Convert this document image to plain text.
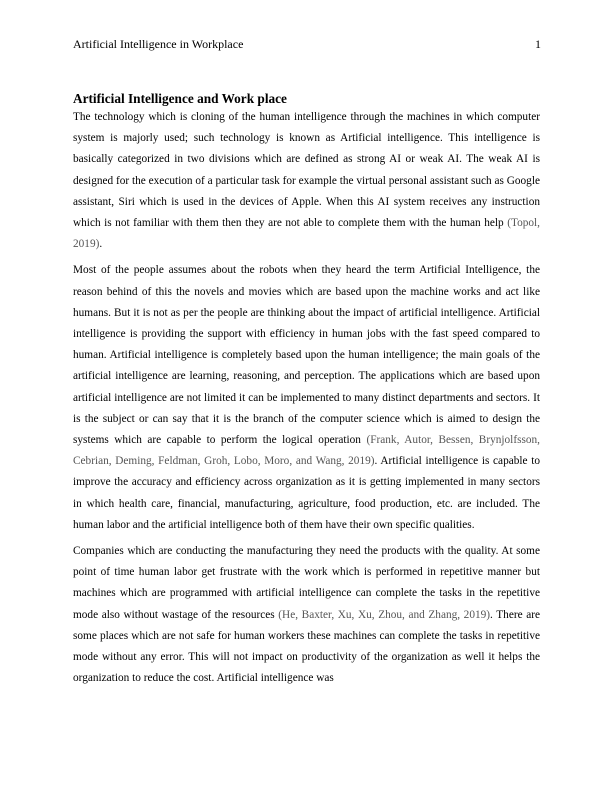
Artificial Intelligence in Workplace	1
Artificial Intelligence and Work place

The technology which is cloning of the human intelligence through the machines in which computer system is majorly used; such technology is known as Artificial intelligence. This intelligence is basically categorized in two divisions which are defined as strong AI or weak AI. The weak AI is designed for the execution of a particular task for example the virtual personal assistant such as Google assistant, Siri which is used in the devices of Apple. When this AI system receives any instruction which is not familiar with them then they are not able to complete them with the human help (Topol, 2019).

Most of the people assumes about the robots when they heard the term Artificial Intelligence, the reason behind of this the novels and movies which are based upon the machine works and act like humans. But it is not as per the people are thinking about the impact of artificial intelligence. Artificial intelligence is providing the support with efficiency in human jobs with the fast speed compared to human. Artificial intelligence is completely based upon the human intelligence; the main goals of the artificial intelligence are learning, reasoning, and perception. The applications which are based upon artificial intelligence are not limited it can be implemented to many distinct departments and sectors. It is the subject or can say that it is the branch of the computer science which is aimed to design the systems which are capable to perform the logical operation (Frank, Autor, Bessen, Brynjolfsson, Cebrian, Deming, Feldman, Groh, Lobo, Moro, and Wang, 2019). Artificial intelligence is capable to improve the accuracy and efficiency across organization as it is getting implemented in many sectors in which health care, financial, manufacturing, agriculture, food production, etc. are included. The human labor and the artificial intelligence both of them have their own specific qualities.

Companies which are conducting the manufacturing they need the products with the quality. At some point of time human labor get frustrate with the work which is performed in repetitive manner but machines which are programmed with artificial intelligence can complete the tasks in the repetitive mode also without wastage of the resources (He, Baxter, Xu, Xu, Zhou, and Zhang, 2019). There are some places which are not safe for human workers these machines can complete the tasks in repetitive mode without any error. This will not impact on productivity of the organization as well it helps the organization to reduce the cost. Artificial intelligence was
